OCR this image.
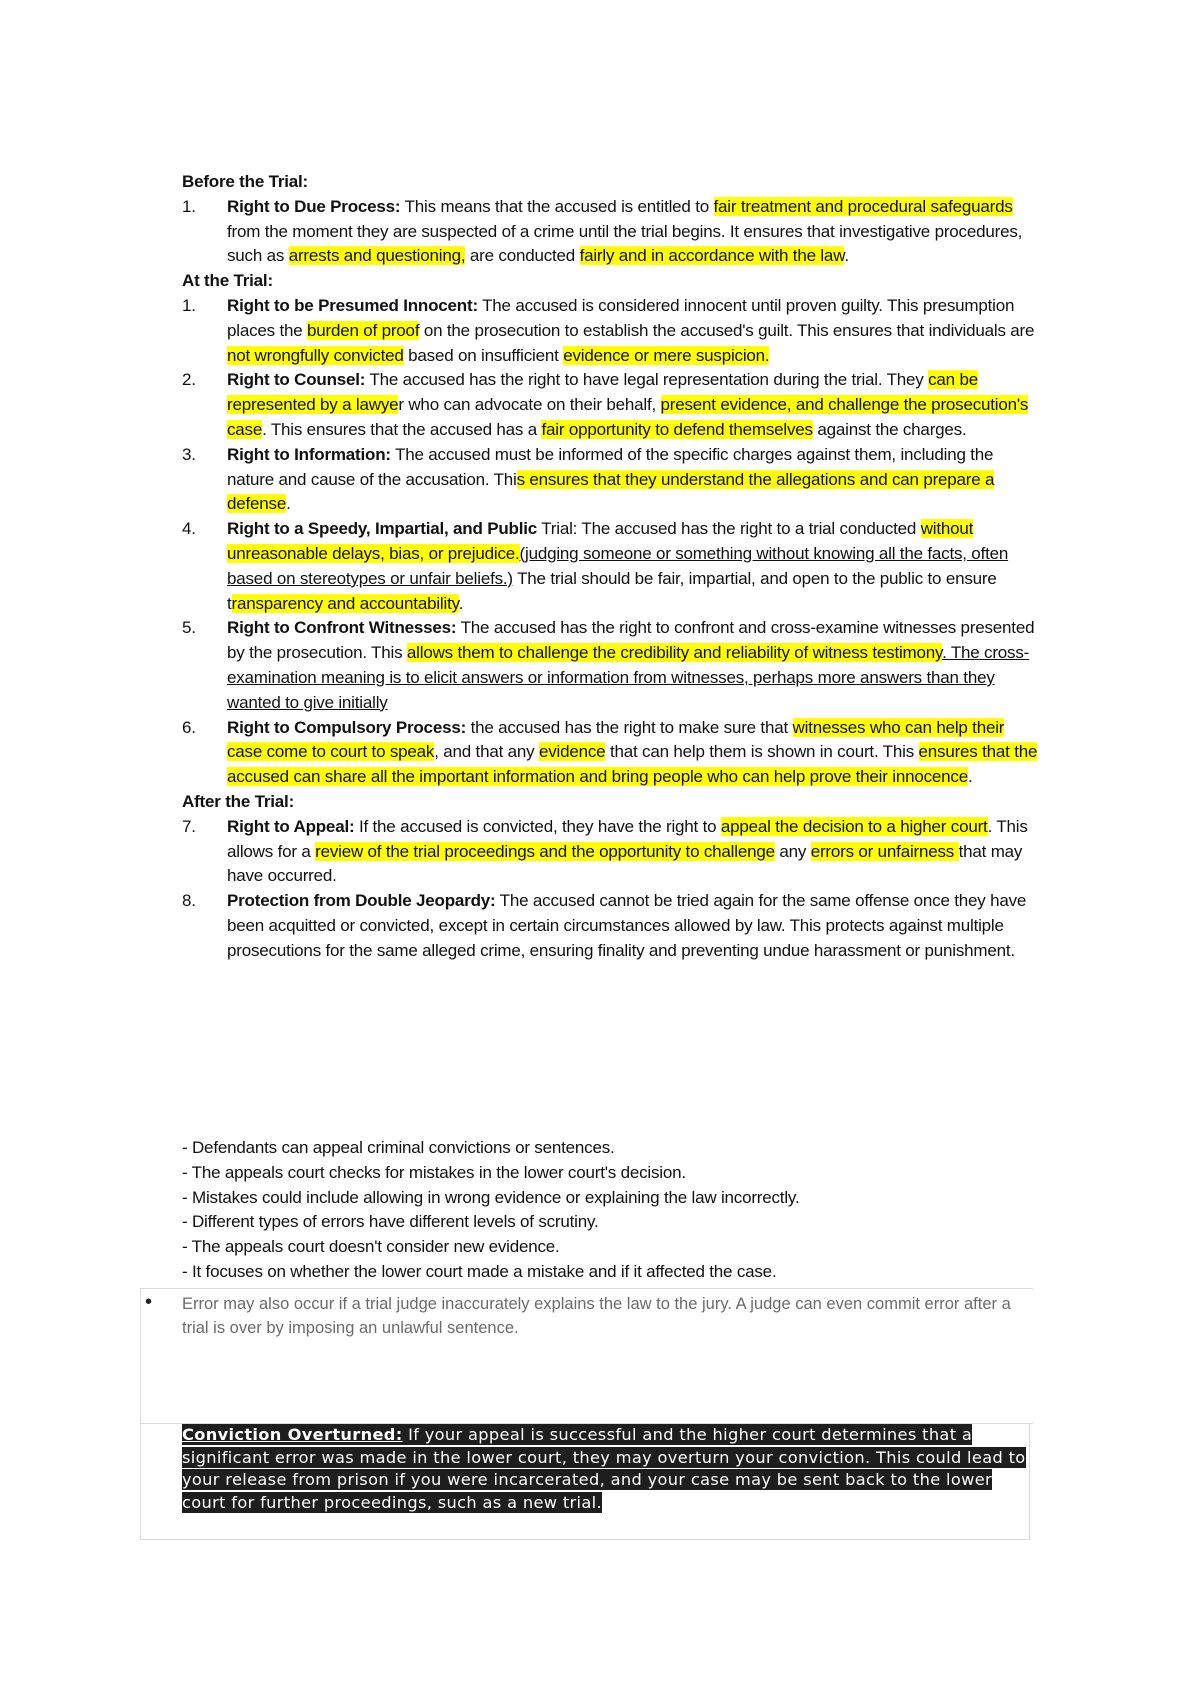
Before the Trial:
1. Right to Due Process: This means that the accused is entitled to fair treatment and procedural safeguards from the moment they are suspected of a crime until the trial begins. It ensures that investigative procedures, such as arrests and questioning, are conducted fairly and in accordance with the law.
At the Trial:
1. Right to be Presumed Innocent: The accused is considered innocent until proven guilty. This presumption places the burden of proof on the prosecution to establish the accused's guilt. This ensures that individuals are not wrongfully convicted based on insufficient evidence or mere suspicion.
2. Right to Counsel: The accused has the right to have legal representation during the trial. They can be represented by a lawyer who can advocate on their behalf, present evidence, and challenge the prosecution's case. This ensures that the accused has a fair opportunity to defend themselves against the charges.
3. Right to Information: The accused must be informed of the specific charges against them, including the nature and cause of the accusation. This ensures that they understand the allegations and can prepare a defense.
4. Right to a Speedy, Impartial, and Public Trial: The accused has the right to a trial conducted without unreasonable delays, bias, or prejudice.(judging someone or something without knowing all the facts, often based on stereotypes or unfair beliefs.) The trial should be fair, impartial, and open to the public to ensure transparency and accountability.
5. Right to Confront Witnesses: The accused has the right to confront and cross-examine witnesses presented by the prosecution. This allows them to challenge the credibility and reliability of witness testimony. The cross-examination meaning is to elicit answers or information from witnesses, perhaps more answers than they wanted to give initially
6. Right to Compulsory Process: the accused has the right to make sure that witnesses who can help their case come to court to speak, and that any evidence that can help them is shown in court. This ensures that the accused can share all the important information and bring people who can help prove their innocence.
After the Trial:
7. Right to Appeal: If the accused is convicted, they have the right to appeal the decision to a higher court. This allows for a review of the trial proceedings and the opportunity to challenge any errors or unfairness that may have occurred.
8. Protection from Double Jeopardy: The accused cannot be tried again for the same offense once they have been acquitted or convicted, except in certain circumstances allowed by law. This protects against multiple prosecutions for the same alleged crime, ensuring finality and preventing undue harassment or punishment.
- Defendants can appeal criminal convictions or sentences.
- The appeals court checks for mistakes in the lower court's decision.
- Mistakes could include allowing in wrong evidence or explaining the law incorrectly.
- Different types of errors have different levels of scrutiny.
- The appeals court doesn't consider new evidence.
- It focuses on whether the lower court made a mistake and if it affected the case.
• Error may also occur if a trial judge inaccurately explains the law to the jury. A judge can even commit error after a trial is over by imposing an unlawful sentence.
Conviction Overturned: If your appeal is successful and the higher court determines that a significant error was made in the lower court, they may overturn your conviction. This could lead to your release from prison if you were incarcerated, and your case may be sent back to the lower court for further proceedings, such as a new trial.
